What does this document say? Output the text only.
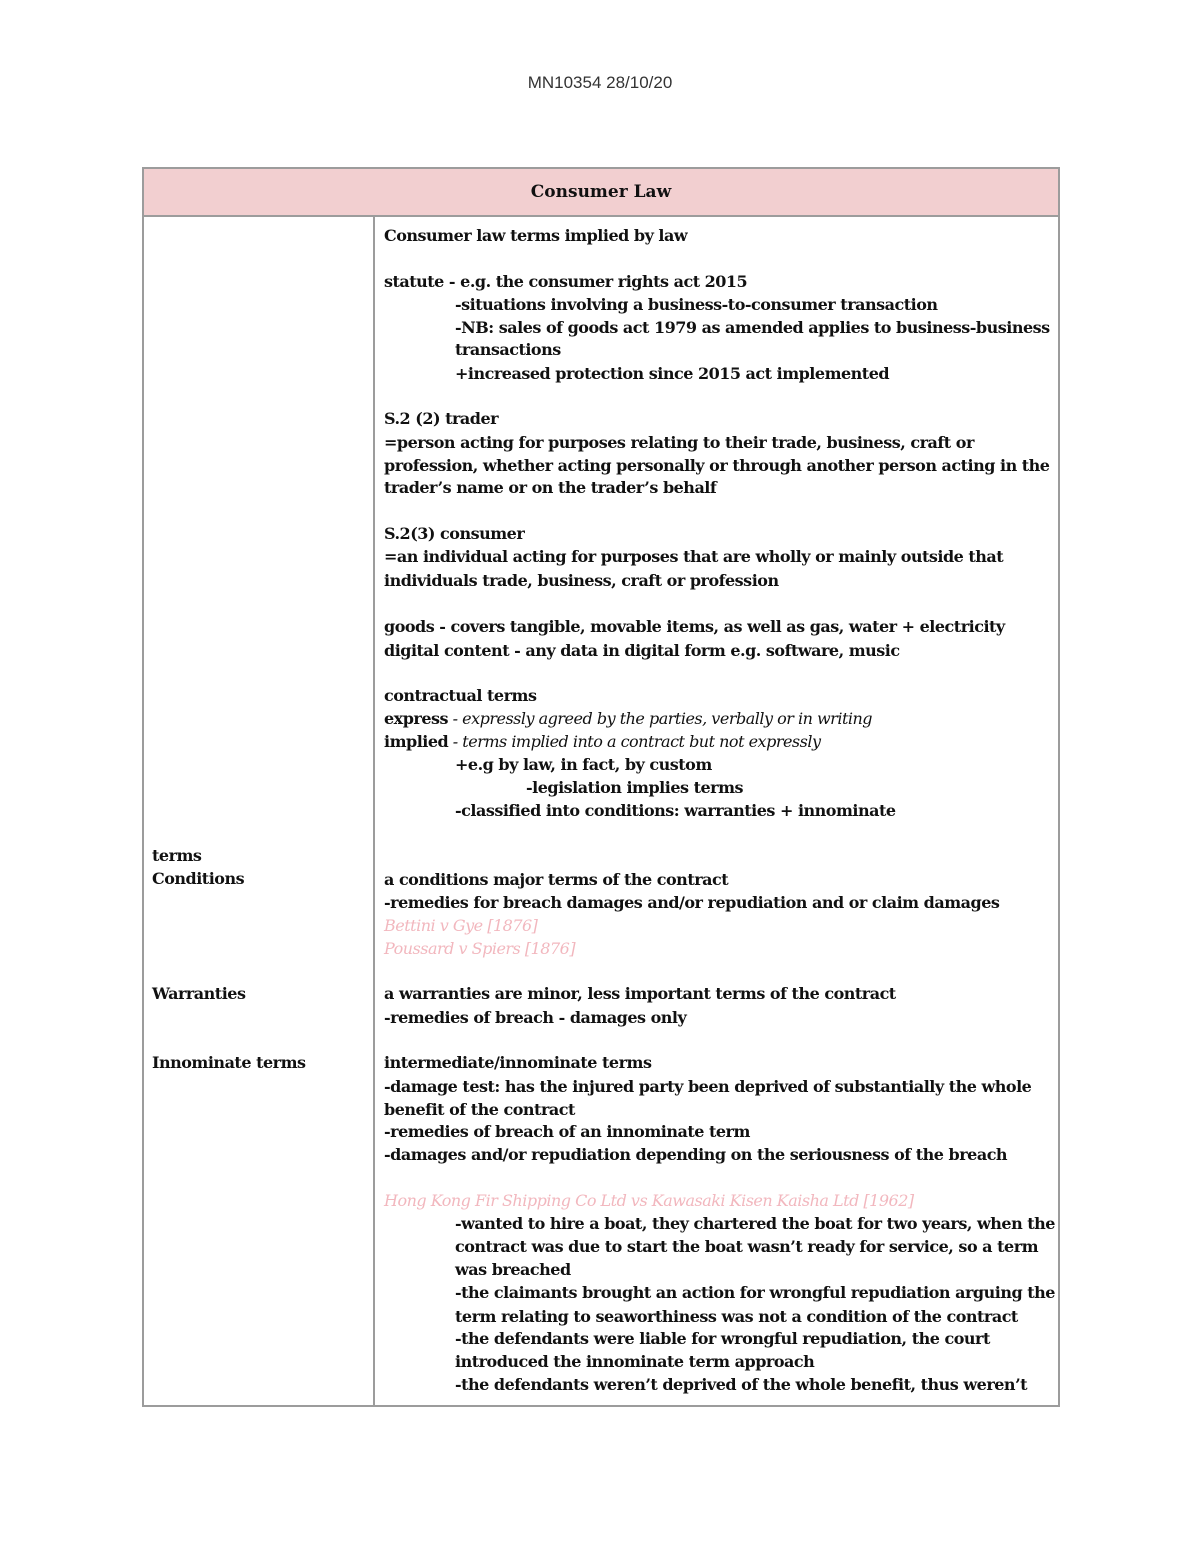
MN10354 28/10/20
Consumer Law
terms
Conditions
Warranties
Innominate terms
Consumer law terms implied by law
statute - e.g. the consumer rights act 2015
-situations involving a business-to-consumer transaction
-NB: sales of goods act 1979 as amended applies to business-business
transactions
+increased protection since 2015 act implemented
S.2 (2) trader
=person acting for purposes relating to their trade, business, craft or
profession, whether acting personally or through another person acting in the
trader’s name or on the trader’s behalf
S.2(3) consumer
=an individual acting for purposes that are wholly or mainly outside that
individuals trade, business, craft or profession
goods - covers tangible, movable items, as well as gas, water + electricity
digital content - any data in digital form e.g. software, music
contractual terms
express - expressly agreed by the parties, verbally or in writing
implied - terms implied into a contract but not expressly
+e.g by law, in fact, by custom
-legislation implies terms
-classified into conditions: warranties + innominate
a conditions major terms of the contract
-remedies for breach damages and/or repudiation and or claim damages
Bettini v Gye [1876]
Poussard v Spiers [1876]
a warranties are minor, less important terms of the contract
-remedies of breach - damages only
intermediate/innominate terms
-damage test: has the injured party been deprived of substantially the whole
benefit of the contract
-remedies of breach of an innominate term
-damages and/or repudiation depending on the seriousness of the breach
Hong Kong Fir Shipping Co Ltd vs Kawasaki Kisen Kaisha Ltd [1962]
-wanted to hire a boat, they chartered the boat for two years, when the
contract was due to start the boat wasn’t ready for service, so a term
was breached
-the claimants brought an action for wrongful repudiation arguing the
term relating to seaworthiness was not a condition of the contract
-the defendants were liable for wrongful repudiation, the court
introduced the innominate term approach
-the defendants weren’t deprived of the whole benefit, thus weren’t
